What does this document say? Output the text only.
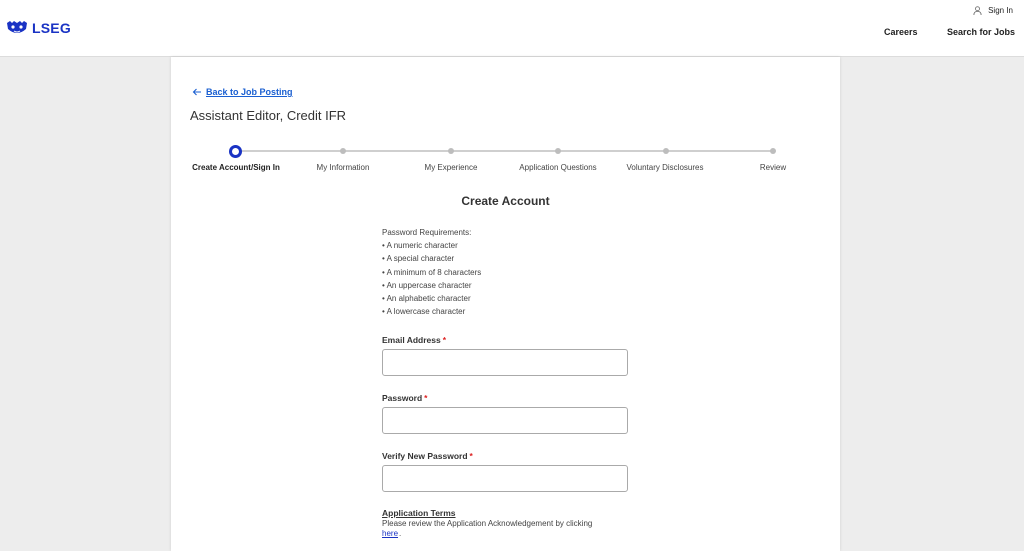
LSEG
Sign In
Careers	Search for Jobs
Back to Job Posting
Assistant Editor, Credit IFR
Create Account/Sign In	My Information	My Experience	Application Questions	Voluntary Disclosures	Review
Create Account
Password Requirements:
• A numeric character
• A special character
• A minimum of 8 characters
• An uppercase character
• An alphabetic character
• A lowercase character
Email Address *
Password *
Verify New Password *
Application Terms
Please review the Application Acknowledgement by clicking
here .
